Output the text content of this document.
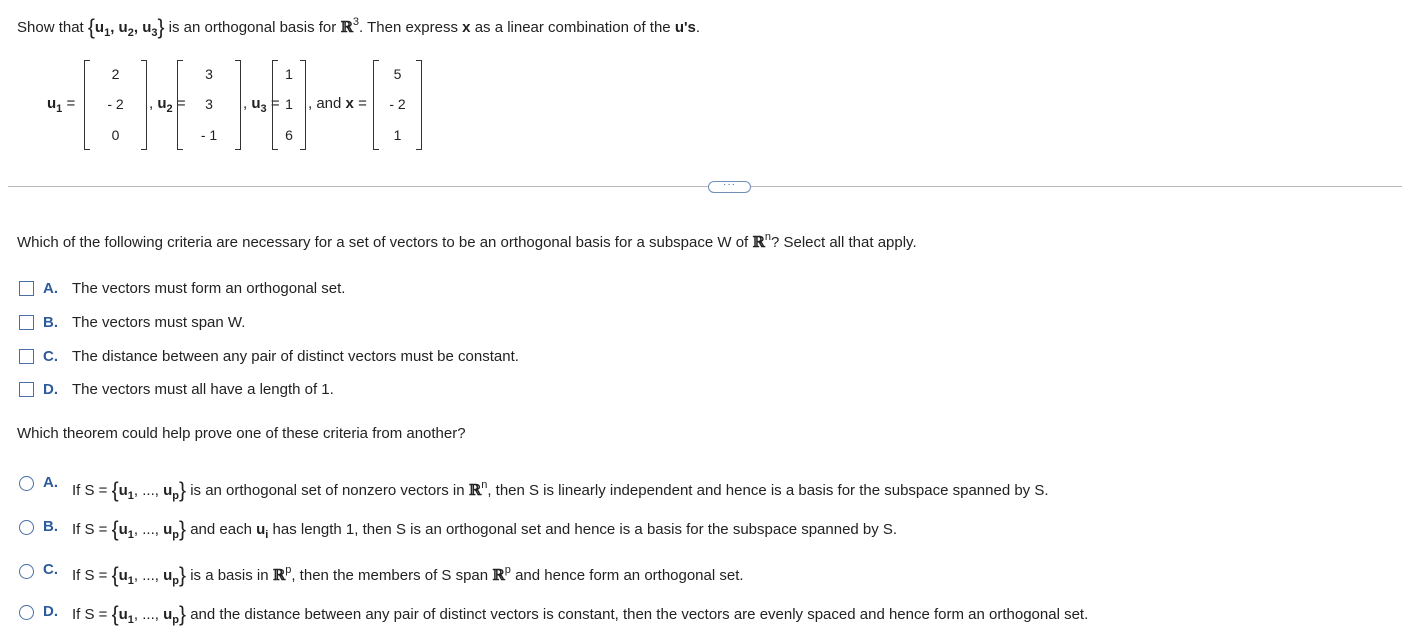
Show that {$u_1$, $u_2$, $u_3$} is an orthogonal basis for ℝ$^3$. Then express x as a linear combination of the u's.
$u_1$ =
2
- 2
0
, $u_2$ =
3
3
- 1
, $u_3$ =
1
1
6
, and x =
5
- 2
1
···
Which of the following criteria are necessary for a set of vectors to be an orthogonal basis for a subspace W of ℝ$^n$? Select all that apply.
A. The vectors must form an orthogonal set.
B. The vectors must span W.
C. The distance between any pair of distinct vectors must be constant.
D. The vectors must all have a length of 1.
Which theorem could help prove one of these criteria from another?
A. If $S = \{u_1$, ..., $u_p$} is an orthogonal set of nonzero vectors in ℝ$^n$, then S is linearly independent and hence is a basis for the subspace spanned by S.
B. If $S = \{u_1$, ..., $u_p$} and each $u_i$ has length 1, then S is an orthogonal set and hence is a basis for the subspace spanned by S.
C. If $S = \{u_1$, ..., $u_p$} is a basis in ℝ$^p$, then the members of S span ℝ$^p$ and hence form an orthogonal set.
D. If $S = \{u_1$, ..., $u_p$} and the distance between any pair of distinct vectors is constant, then the vectors are evenly spaced and hence form an orthogonal set.
